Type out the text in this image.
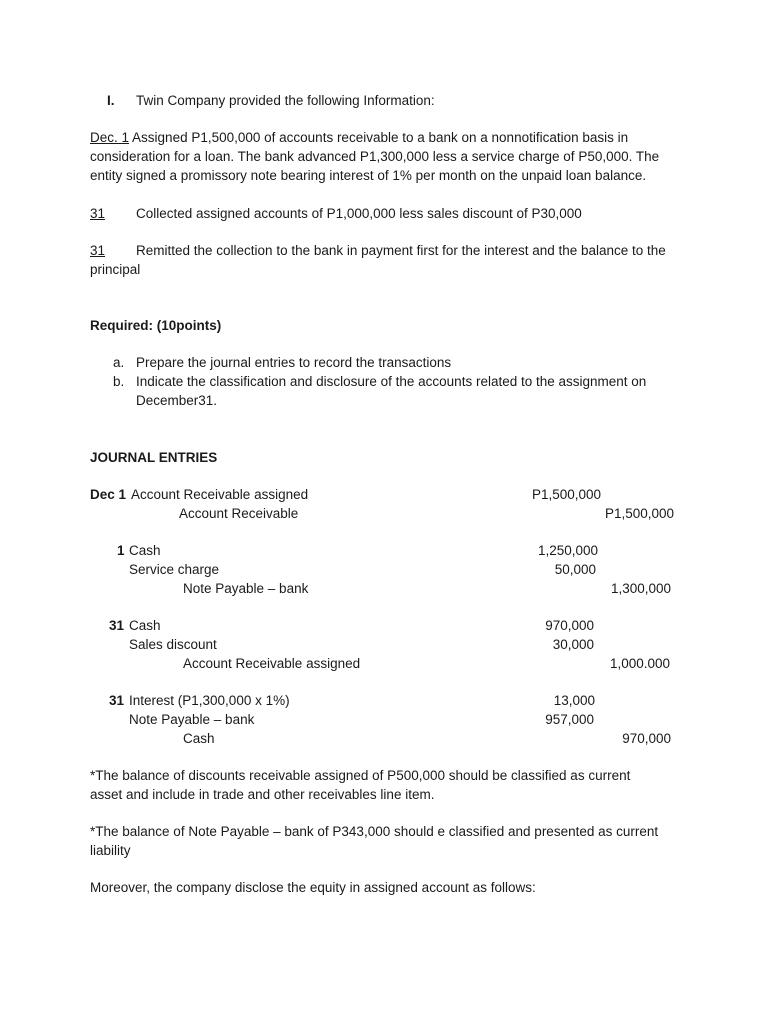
I. Twin Company provided the following Information:
Dec. 1 Assigned P1,500,000 of accounts receivable to a bank on a nonnotification basis in
consideration for a loan. The bank advanced P1,300,000 less a service charge of P50,000. The
entity signed a promissory note bearing interest of 1% per month on the unpaid loan balance.
31 Collected assigned accounts of P1,000,000 less sales discount of P30,000
31 Remitted the collection to the bank in payment first for the interest and the balance to the
principal
Required: (10points)
a. Prepare the journal entries to record the transactions
b. Indicate the classification and disclosure of the accounts related to the assignment on
December31.
JOURNAL ENTRIES
Dec 1 Account Receivable assigned	P1,500,000
Account Receivable	P1,500,000
1 Cash	1,250,000
Service charge	50,000
Note Payable – bank	1,300,000
31 Cash	970,000
Sales discount	30,000
Account Receivable assigned	1,000.000
31 Interest (P1,300,000 x 1%)	13,000
Note Payable – bank	957,000
Cash	970,000
*The balance of discounts receivable assigned of P500,000 should be classified as current
asset and include in trade and other receivables line item.
*The balance of Note Payable – bank of P343,000 should e classified and presented as current
liability
Moreover, the company disclose the equity in assigned account as follows:
